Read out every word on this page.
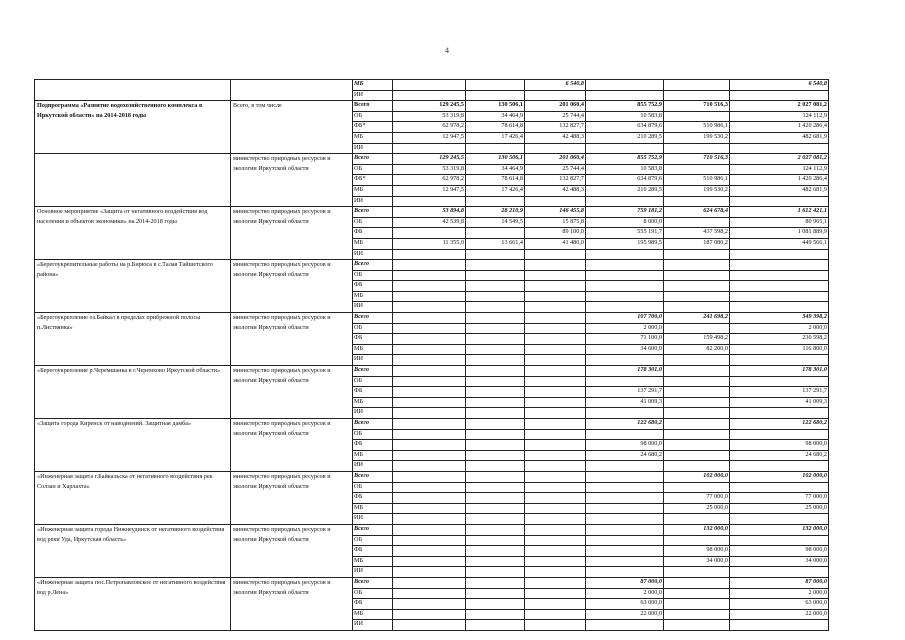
4
		МБ			6 540,8			6 540,8
		ИИ						
Подпрограмма «Развитие водохозяйственного комплекса в Иркутской области» на 2014-2018 годы	Всего, в том числе	Всего	129 245,5	130 506,1	201 060,4	855 752,9	710 516,3	2 027 081,2
		ОБ	53 319,8	34 464,9	25 744,4	10 583,8		124 112,9
		ФБ*	62 978,2	78 614,8	132 827,7	634 879,6	510 986,1	1 420 286,4
		МБ	12 947,5	17 426,4	42 488,3	210 289,5	199 530,2	482 681,9
		ИИ						
	министерство природных ресурсов и экологии Иркутской области	Всего	129 245,5	130 506,1	201 060,4	855 752,9	710 516,3	2 027 081,2
		ОБ	53 319,8	34 464,9	25 744,4	10 583,8		124 112,9
		ФБ*	62 978,2	78 614,8	132 827,7	634 879,6	510 986,1	1 420 286,4
		МБ	12 947,5	17 426,4	42 488,3	210 289,5	199 530,2	482 681,9
		ИИ						
Основное мероприятие «Защита от негативного воздействия вод населения и объектов экономики» на 2014-2018 годы	министерство природных ресурсов и экологии Иркутской области	Всего	53 894,8	28 210,9	146 455,8	759 181,2	624 678,4	1 612 421,1
		ОБ	42 539,8	14 549,5	15 875,8	8 000,0		80 965,1
		ФБ			89 100,0	555 191,7	437 598,2	1 081 889,9
		МБ	11 355,0	13 661,4	41 480,0	195 989,5	187 080,2	449 566,1
		ИИ						
«Берегоукрепительные работы на р.Бирюса в с.Талая Тайшетского района»	министерство природных ресурсов и экологии Иркутской области	Всего						
		ОБ						
		ФБ						
		МБ						
		ИИ						
«Берегоукрепление оз.Байкал в пределах прибрежной полосы п.Листвянка»	министерство природных ресурсов и экологии Иркутской области	Всего				107 700,0	241 698,2	349 398,2
		ОБ				2 000,0		2 000,0
		ФБ				71 100,0	159 498,2	230 598,2
		МБ				34 600,0	82 200,0	116 800,0
		ИИ						
«Берегоукрепление р.Черемшанка в г.Черемхово Иркутской области»	министерство природных ресурсов и экологии Иркутской области	Всего				178 301,0		178 301,0
		ОБ						
		ФБ				137 291,7		137 291,7
		МБ				41 009,3		41 009,3
		ИИ						
«Защита города Киренск от наводнений. Защитная дамба»	министерство природных ресурсов и экологии Иркутской области	Всего				122 680,2		122 680,2
		ОБ						
		ФБ				98 000,0		98 000,0
		МБ				24 680,2		24 680,2
		ИИ						
«Инженерная защита г.Байкальска от негативного воздействия рек Солзан и Харлахта»	министерство природных ресурсов и экологии Иркутской области	Всего					102 000,0	102 000,0
		ОБ						
		ФБ					77 000,0	77 000,0
		МБ					25 000,0	25 000,0
		ИИ						
«Инженерная защита города Нижнеудинск от негативного воздействия вод реки Уда, Иркутская область»	министерство природных ресурсов и экологии Иркутской области	Всего					132 000,0	132 000,0
		ОБ						
		ФБ					98 000,0	98 000,0
		МБ					34 000,0	34 000,0
		ИИ						
«Инженерная защита пос.Петропавловское от негативного воздействия вод р.Лена»	министерство природных ресурсов и экологии Иркутской области	Всего				87 000,0		87 000,0
		ОБ				2 000,0		2 000,0
		ФБ				63 000,0		63 000,0
		МБ				22 000,0		22 000,0
		ИИ						
